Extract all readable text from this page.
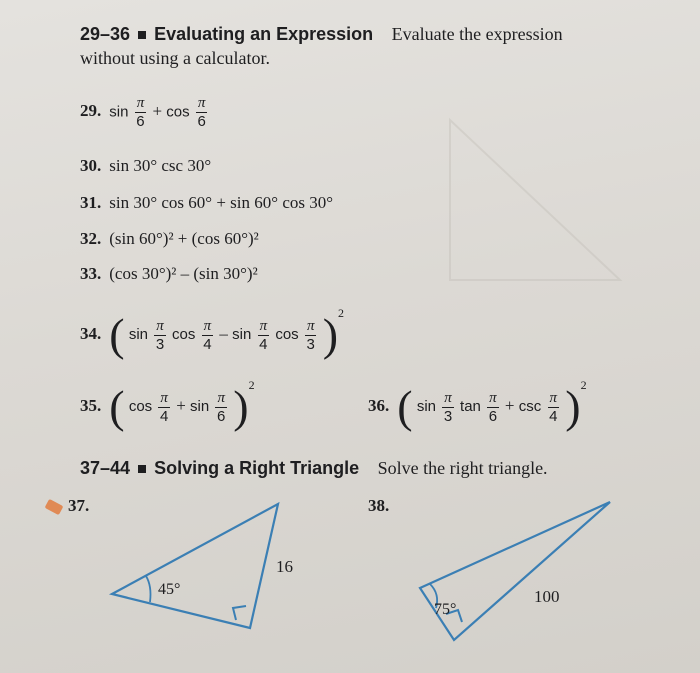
29–36 Evaluating an Expression Evaluate the expression
without using a calculator.
29. $\sin \frac{\pi}{6} + \cos \frac{\pi}{6}$
30. sin 30° csc 30°
31. sin 30° cos 60° + sin 60° cos 30°
32. (sin 60°)² + (cos 60°)²
33. (cos 30°)² – (sin 30°)²
34. ( $\sin \frac{\pi}{3}$ $\cos \frac{\pi}{4}$ – $\sin \frac{\pi}{4}$ $\cos \frac{\pi}{3} )^2$
35. ( $\cos \frac{\pi}{4} + \sin \frac{\pi}{6} )^2$
36. ( $\sin \frac{\pi}{3}$ $\tan \frac{\pi}{6} + \csc \frac{\pi}{4} )^2$
37–44 Solving a Right Triangle Solve the right triangle.
37.
45°
16
38.
75°
100
